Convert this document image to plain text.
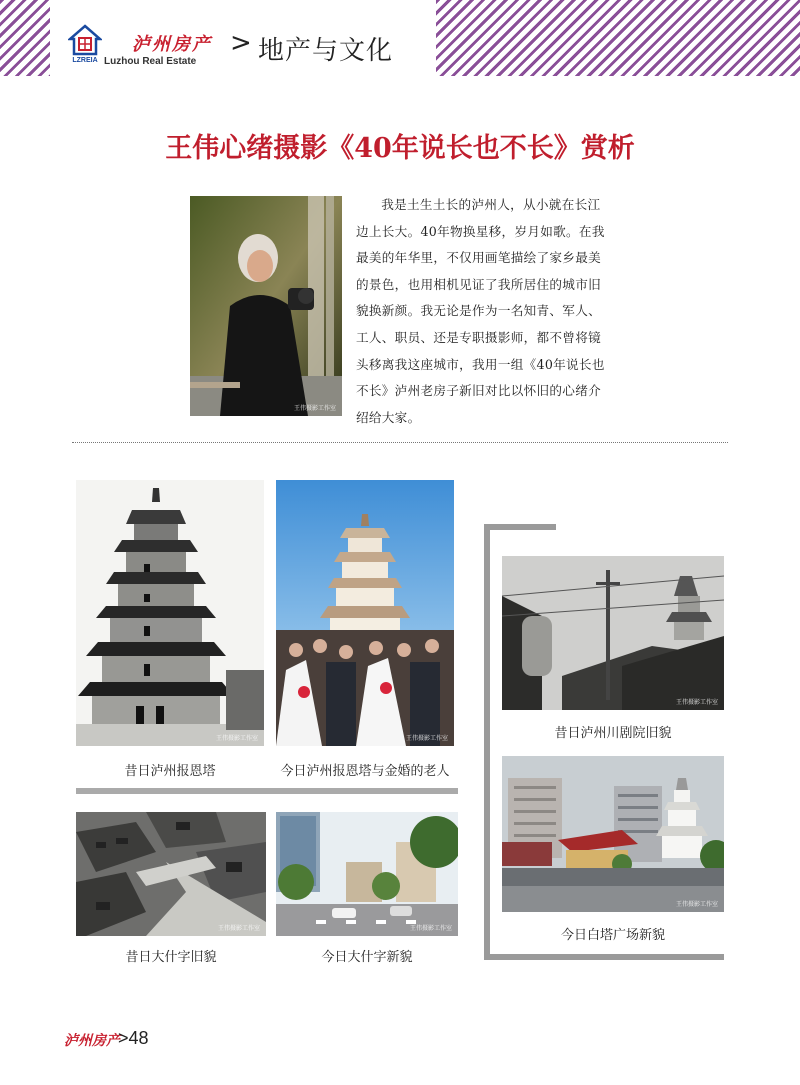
LZREIA
泸州房产
Luzhou Real Estate
> 地产与文化
王伟心绪摄影《40年说长也不长》赏析
王伟摄影工作室

我是土生土长的泸州人，从小就在长江边上长大。40年物换星移，岁月如歌。在我最美的年华里，不仅用画笔描绘了家乡最美的景色，也用相机见证了我所居住的城市旧貌换新颜。我无论是作为一名知青、军人、工人、职员、还是专职摄影师，都不曾将镜头移离我这座城市，我用一组《40年说长也不长》泸州老房子新旧对比以怀旧的心绪介绍给大家。

王伟摄影工作室
昔日泸州报恩塔
王伟摄影工作室
今日泸州报恩塔与金婚的老人
王伟摄影工作室
昔日大什字旧貌
王伟摄影工作室
今日大什字新貌
王伟摄影工作室
昔日泸州川剧院旧貌
王伟摄影工作室
今日白塔广场新貌
泸州房产
>48
